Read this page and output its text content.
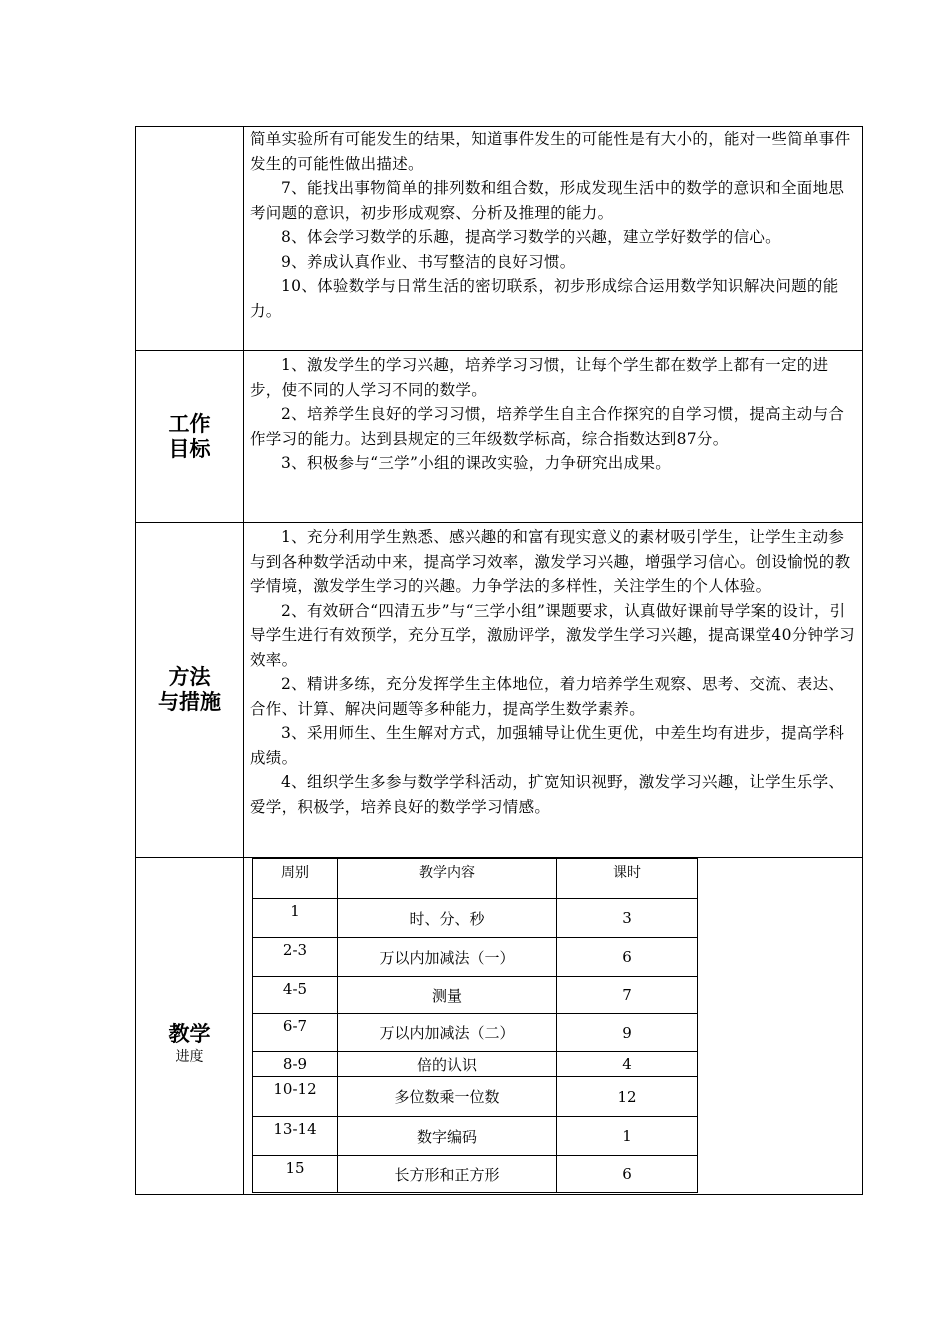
简单实验所有可能发生的结果，知道事件发生的可能性是有大小的，能对一些简单事件发生的可能性做出描述。

7、能找出事物简单的排列数和组合数，形成发现生活中的数学的意识和全面地思考问题的意识，初步形成观察、分析及推理的能力。

8、体会学习数学的乐趣，提高学习数学的兴趣，建立学好数学的信心。

9、养成认真作业、书写整洁的良好习惯。

10、体验数学与日常生活的密切联系，初步形成综合运用数学知识解决问题的能力。

工作
目标

1、激发学生的学习兴趣，培养学习习惯，让每个学生都在数学上都有一定的进步，使不同的人学习不同的数学。

2、培养学生良好的学习习惯，培养学生自主合作探究的自学习惯，提高主动与合作学习的能力。达到县规定的三年级数学标高，综合指数达到87分。

3、积极参与“三学”小组的课改实验，力争研究出成果。

方法
与措施

1、充分利用学生熟悉、感兴趣的和富有现实意义的素材吸引学生，让学生主动参与到各种数学活动中来，提高学习效率，激发学习兴趣，增强学习信心。创设愉悦的教学情境，激发学生学习的兴趣。力争学法的多样性，关注学生的个人体验。

2、有效研合“四清五步”与“三学小组”课题要求，认真做好课前导学案的设计，引导学生进行有效预学，充分互学，激励评学，激发学生学习兴趣，提高课堂40分钟学习效率。

2、精讲多练，充分发挥学生主体地位，着力培养学生观察、思考、交流、表达、合作、计算、解决问题等多种能力，提高学生数学素养。

3、采用师生、生生解对方式，加强辅导让优生更优，中差生均有进步，提高学科成绩。

4、组织学生多参与数学学科活动，扩宽知识视野，激发学习兴趣，让学生乐学、爱学，积极学，培养良好的数学学习情感。

教学
进度

周别	教学内容	课时
1	时、分、秒	3
2-3	万以内加减法（一）	6
4-5	测量	7
6-7	万以内加减法（二）	9
8-9	倍的认识	4
10-12	多位数乘一位数	12
13-14	数字编码	1
15	长方形和正方形	6
